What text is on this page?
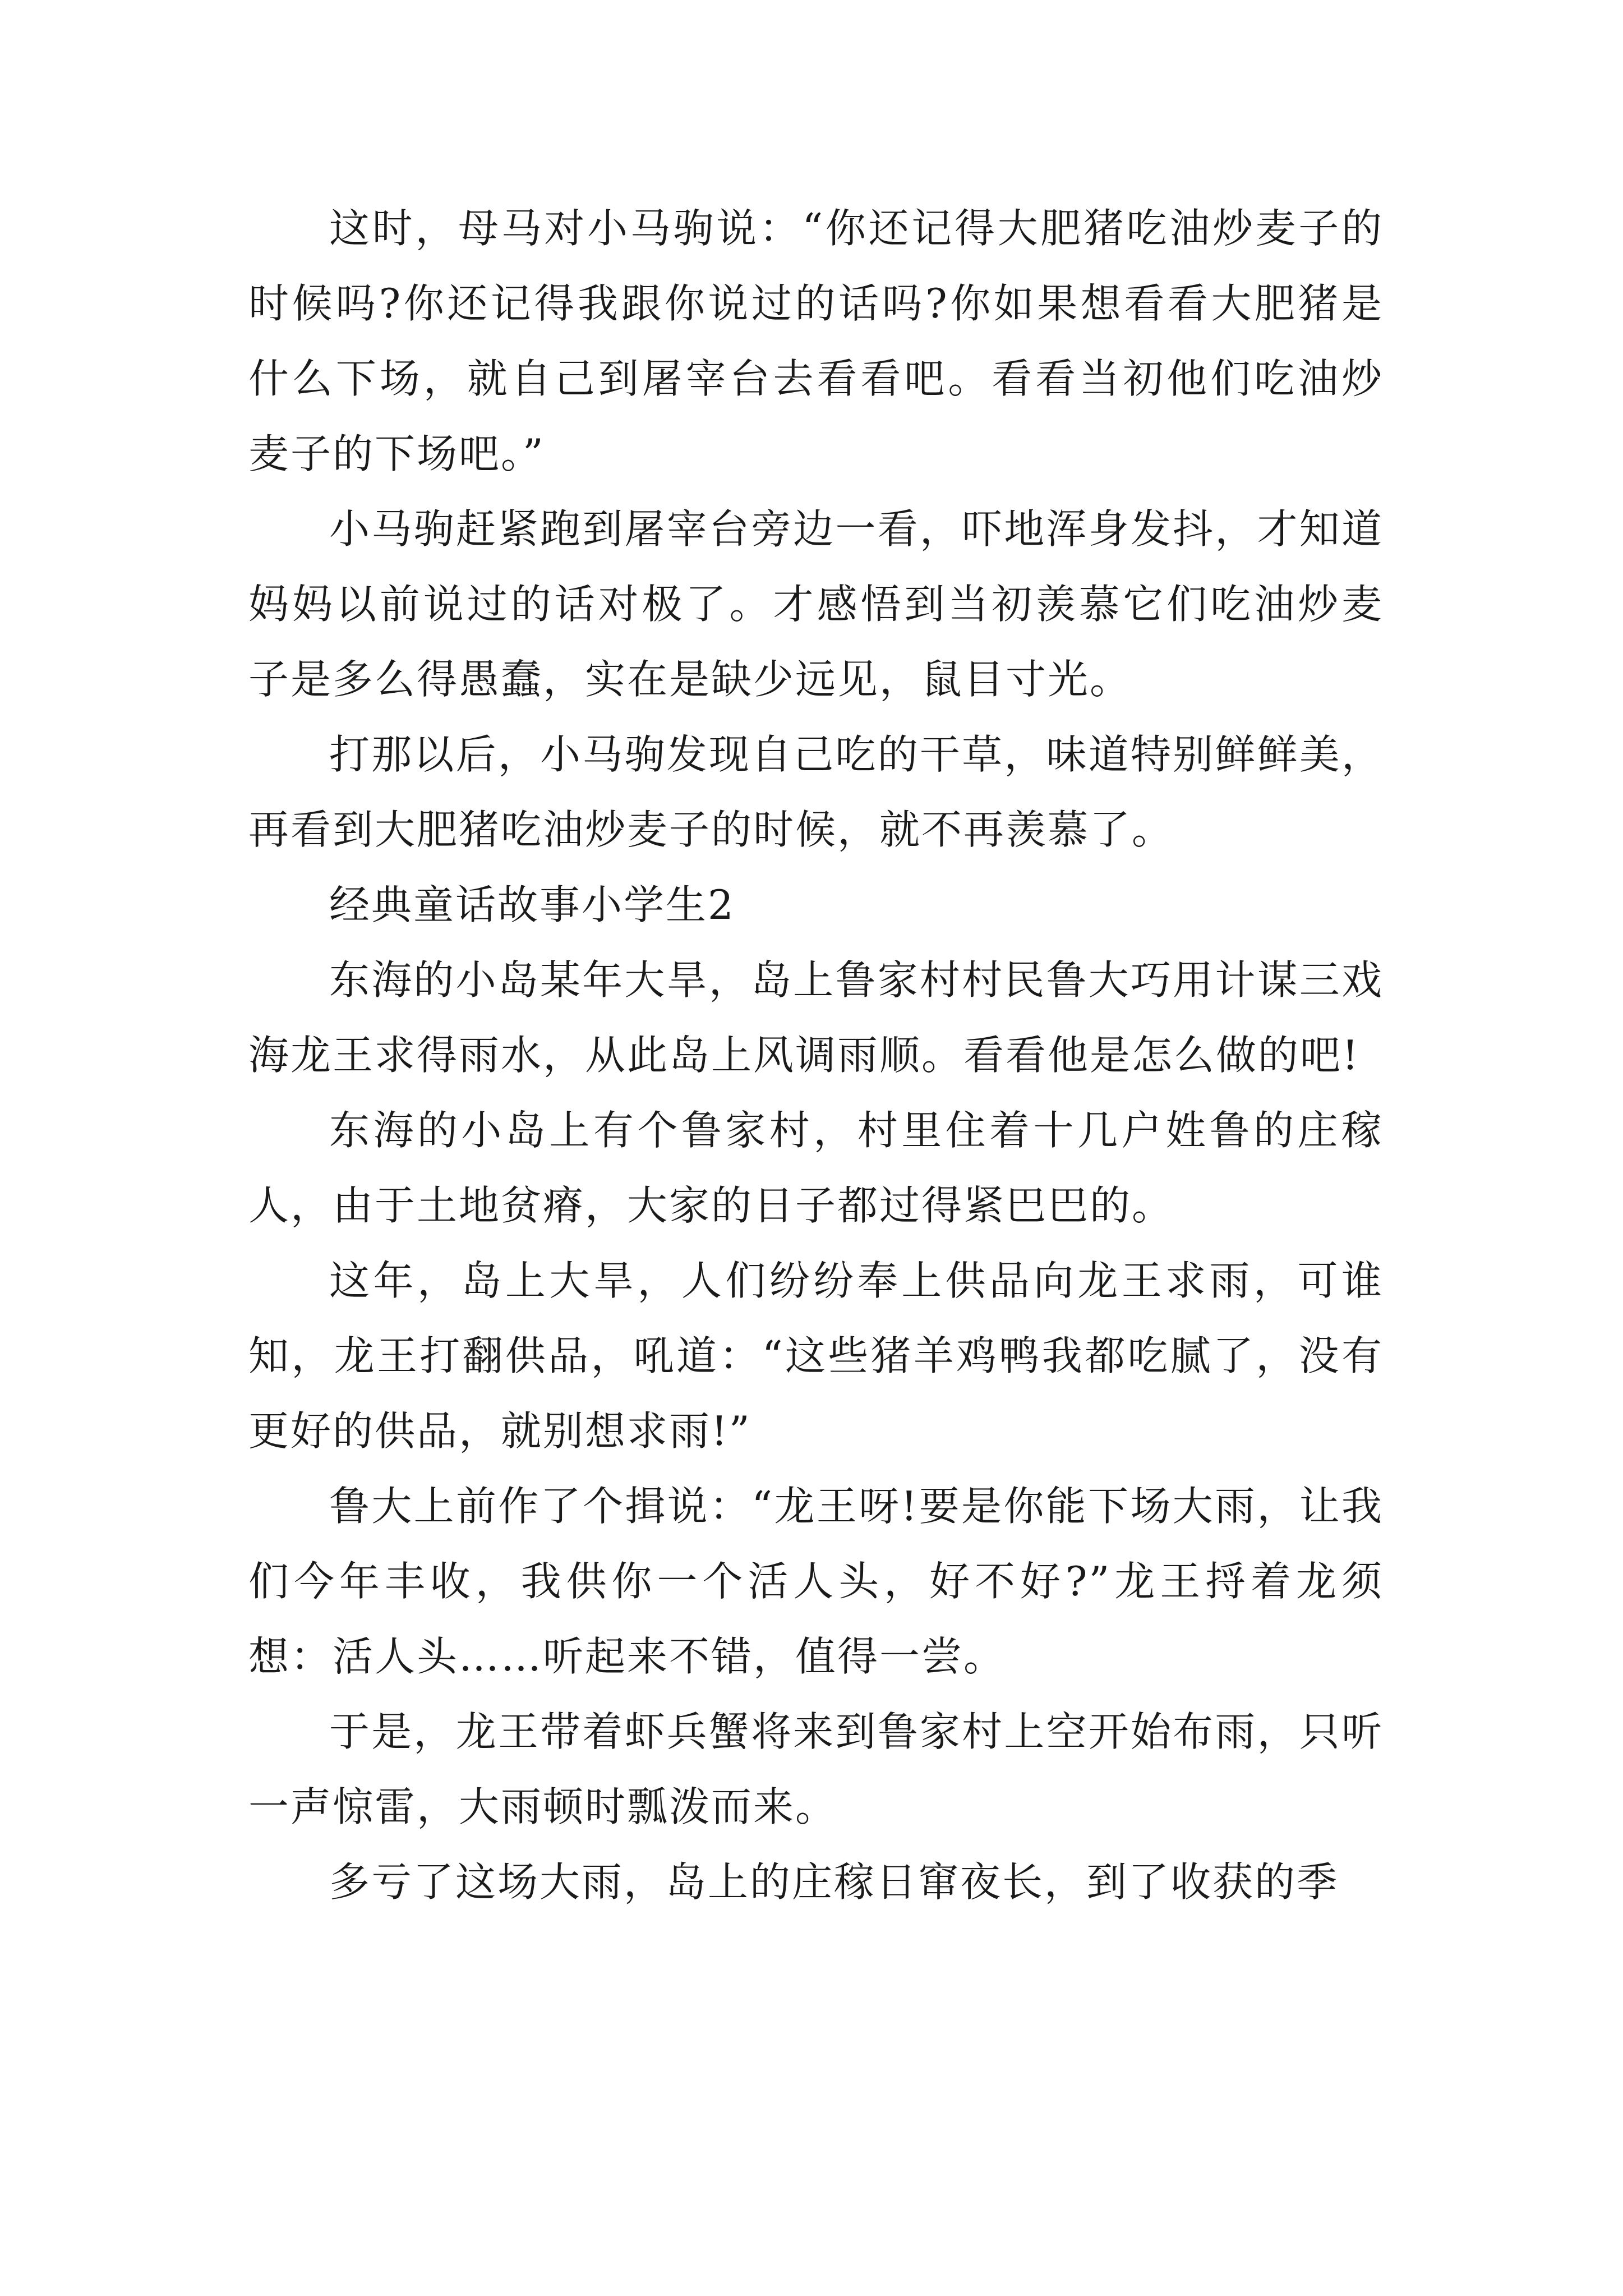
这时，母马对小马驹说：“你还记得大肥猪吃油炒麦子的时候吗?你还记得我跟你说过的话吗?你如果想看看大肥猪是什么下场，就自己到屠宰台去看看吧。看看当初他们吃油炒麦子的下场吧。”

小马驹赶紧跑到屠宰台旁边一看，吓地浑身发抖，才知道妈妈以前说过的话对极了。才感悟到当初羡慕它们吃油炒麦子是多么得愚蠢，实在是缺少远见，鼠目寸光。

打那以后，小马驹发现自己吃的干草，味道特别鲜鲜美，再看到大肥猪吃油炒麦子的时候，就不再羡慕了。

经典童话故事小学生2

东海的小岛某年大旱，岛上鲁家村村民鲁大巧用计谋三戏海龙王求得雨水，从此岛上风调雨顺。看看他是怎么做的吧!

东海的小岛上有个鲁家村，村里住着十几户姓鲁的庄稼人，由于土地贫瘠，大家的日子都过得紧巴巴的。

这年，岛上大旱，人们纷纷奉上供品向龙王求雨，可谁知，龙王打翻供品，吼道：“这些猪羊鸡鸭我都吃腻了，没有更好的供品，就别想求雨!”

鲁大上前作了个揖说：“龙王呀!要是你能下场大雨，让我们今年丰收，我供你一个活人头，好不好?”龙王捋着龙须想：活人头……听起来不错，值得一尝。

于是，龙王带着虾兵蟹将来到鲁家村上空开始布雨，只听一声惊雷，大雨顿时瓢泼而来。

多亏了这场大雨，岛上的庄稼日窜夜长，到了收获的季
